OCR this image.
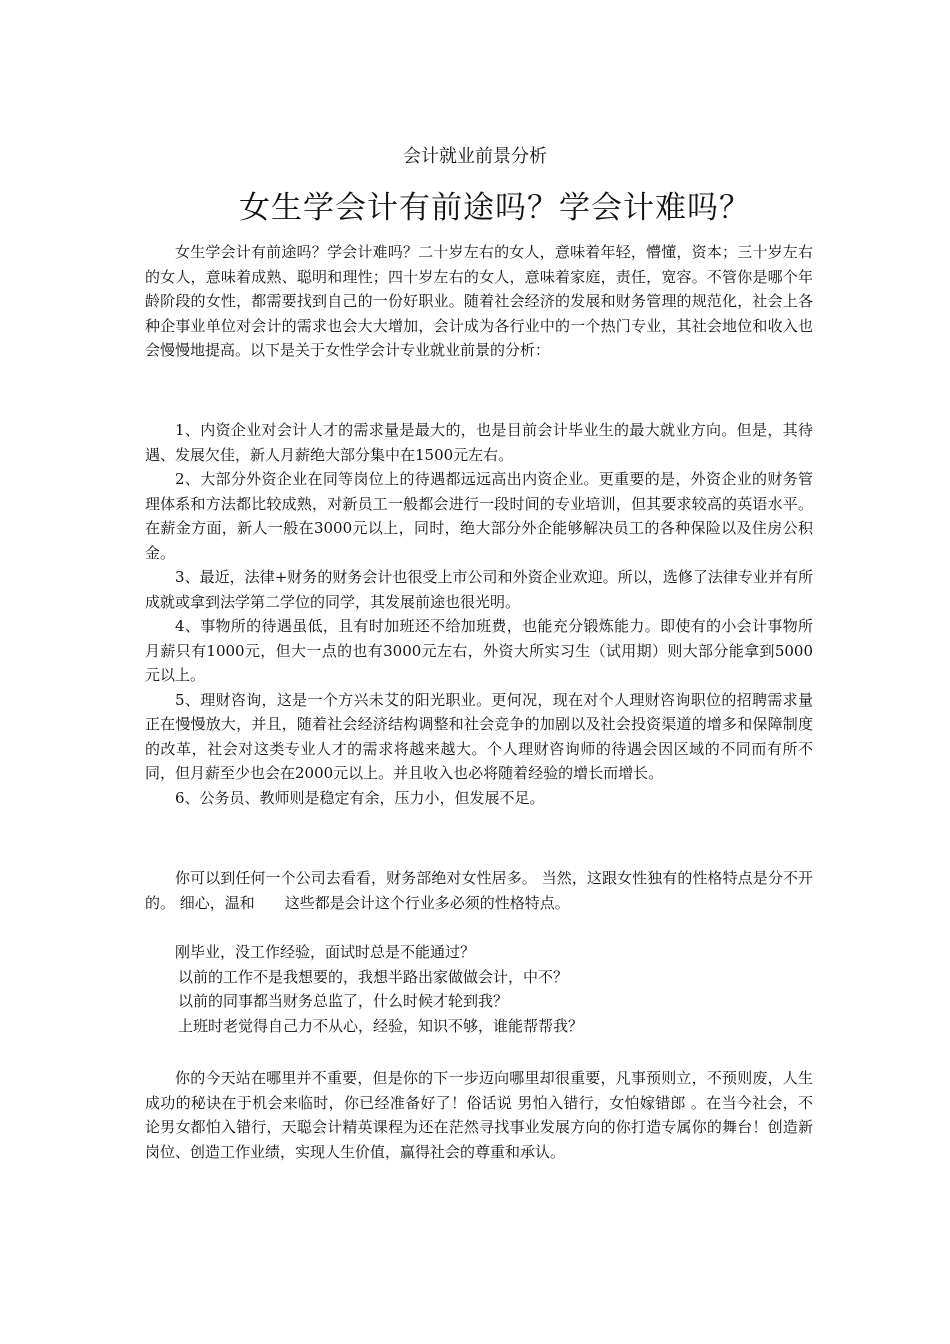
会计就业前景分析
女生学会计有前途吗？学会计难吗？

女生学会计有前途吗？学会计难吗？二十岁左右的女人，意味着年轻，懵懂，资本；三十岁左右的女人，意味着成熟、聪明和理性；四十岁左右的女人，意味着家庭，责任，宽容。不管你是哪个年龄阶段的女性，都需要找到自己的一份好职业。随着社会经济的发展和财务管理的规范化，社会上各种企事业单位对会计的需求也会大大增加，会计成为各行业中的一个热门专业，其社会地位和收入也会慢慢地提高。以下是关于女性学会计专业就业前景的分析：

1、内资企业对会计人才的需求量是最大的，也是目前会计毕业生的最大就业方向。但是，其待遇、发展欠佳，新人月薪绝大部分集中在1500元左右。

2、大部分外资企业在同等岗位上的待遇都远远高出内资企业。更重要的是，外资企业的财务管理体系和方法都比较成熟，对新员工一般都会进行一段时间的专业培训，但其要求较高的英语水平。在薪金方面，新人一般在3000元以上，同时，绝大部分外企能够解决员工的各种保险以及住房公积金。

3、最近，法律+财务的财务会计也很受上市公司和外资企业欢迎。所以，选修了法律专业并有所成就或拿到法学第二学位的同学，其发展前途也很光明。

4、事物所的待遇虽低，且有时加班还不给加班费，也能充分锻炼能力。即使有的小会计事物所月薪只有1000元，但大一点的也有3000元左右，外资大所实习生（试用期）则大部分能拿到5000元以上。

5、理财咨询，这是一个方兴未艾的阳光职业。更何况，现在对个人理财咨询职位的招聘需求量正在慢慢放大，并且，随着社会经济结构调整和社会竞争的加剧以及社会投资渠道的增多和保障制度的改革，社会对这类专业人才的需求将越来越大。个人理财咨询师的待遇会因区域的不同而有所不同，但月薪至少也会在2000元以上。并且收入也必将随着经验的增长而增长。

6、公务员、教师则是稳定有余，压力小，但发展不足。

你可以到任何一个公司去看看，财务部绝对女性居多。 当然，这跟女性独有的性格特点是分不开的。 细心，温和　　这些都是会计这个行业多必须的性格特点。

刚毕业，没工作经验，面试时总是不能通过？

以前的工作不是我想要的，我想半路出家做做会计，中不？

以前的同事都当财务总监了，什么时候才轮到我？

上班时老觉得自己力不从心，经验，知识不够，谁能帮帮我？

你的今天站在哪里并不重要，但是你的下一步迈向哪里却很重要，凡事预则立，不预则废，人生成功的秘诀在于机会来临时，你已经准备好了！俗话说 男怕入错行，女怕嫁错郎 。在当今社会，不论男女都怕入错行，天聪会计精英课程为还在茫然寻找事业发展方向的你打造专属你的舞台！创造新岗位、创造工作业绩，实现人生价值，赢得社会的尊重和承认。
